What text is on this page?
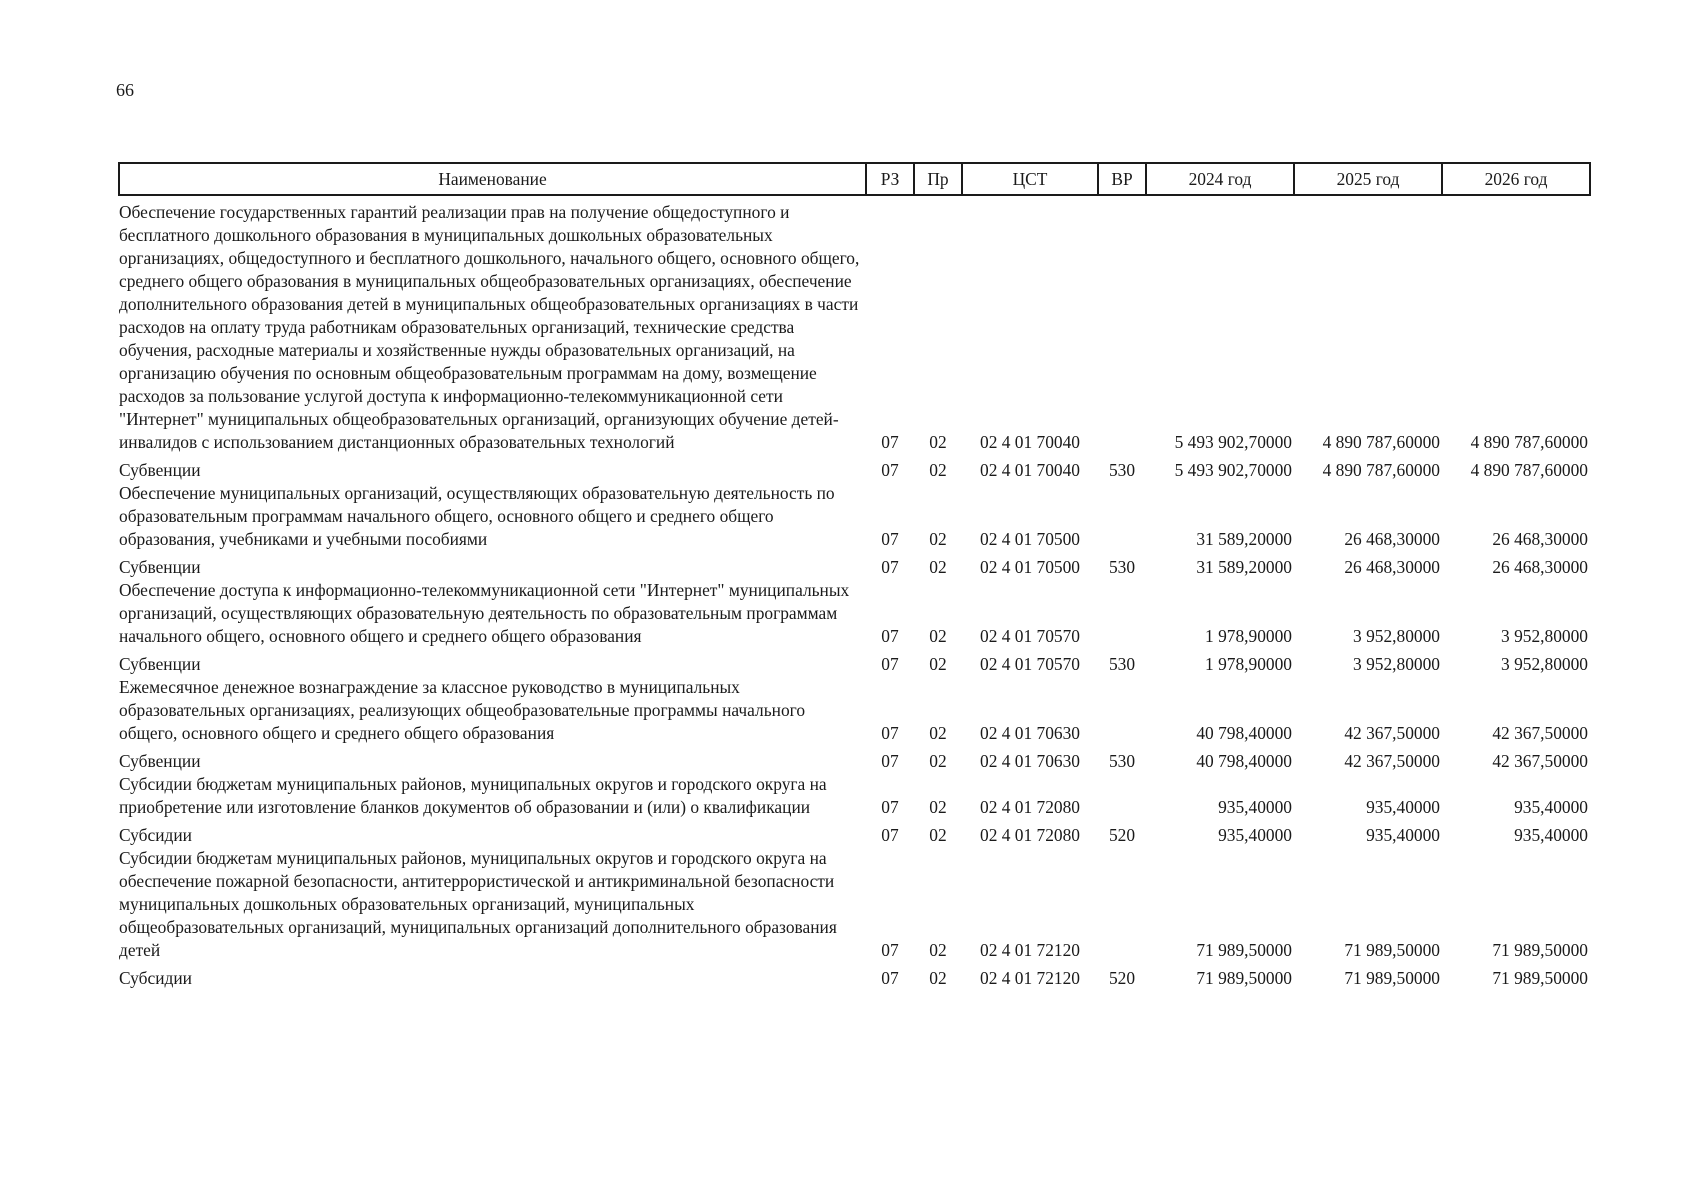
66
Наименование	РЗ	Пр	ЦСТ	ВР	2024 год	2025 год	2026 год
Обеспечение государственных гарантий реализации прав на получение общедоступного и бесплатного дошкольного образования в муниципальных дошкольных образовательных организациях, общедоступного и бесплатного дошкольного, начального общего, основного общего, среднего общего образования в муниципальных общеобразовательных организациях, обеспечение дополнительного образования детей в муниципальных общеобразовательных организациях в части расходов на оплату труда работникам образовательных организаций, технические средства обучения, расходные материалы и хозяйственные нужды образовательных организаций, на организацию обучения по основным общеобразовательным программам на дому, возмещение расходов за пользование услугой доступа к информационно-телекоммуникационной сети "Интернет" муниципальных общеобразовательных организаций, организующих обучение детей-инвалидов с использованием дистанционных образовательных технологий	07	02	02 4 01 70040		5 493 902,70000	4 890 787,60000	4 890 787,60000
Субвенции	07	02	02 4 01 70040	530	5 493 902,70000	4 890 787,60000	4 890 787,60000
Обеспечение муниципальных организаций, осуществляющих образовательную деятельность по образовательным программам начального общего, основного общего и среднего общего образования, учебниками и учебными пособиями	07	02	02 4 01 70500		31 589,20000	26 468,30000	26 468,30000
Субвенции	07	02	02 4 01 70500	530	31 589,20000	26 468,30000	26 468,30000
Обеспечение доступа к информационно-телекоммуникационной сети "Интернет" муниципальных организаций, осуществляющих образовательную деятельность по образовательным программам начального общего, основного общего и среднего общего образования	07	02	02 4 01 70570		1 978,90000	3 952,80000	3 952,80000
Субвенции	07	02	02 4 01 70570	530	1 978,90000	3 952,80000	3 952,80000
Ежемесячное денежное вознаграждение за классное руководство в муниципальных образовательных организациях, реализующих общеобразовательные программы начального общего, основного общего и среднего общего образования	07	02	02 4 01 70630		40 798,40000	42 367,50000	42 367,50000
Субвенции	07	02	02 4 01 70630	530	40 798,40000	42 367,50000	42 367,50000
Субсидии бюджетам муниципальных районов, муниципальных округов и городского округа на приобретение или изготовление бланков документов об образовании и (или) о квалификации	07	02	02 4 01 72080		935,40000	935,40000	935,40000
Субсидии	07	02	02 4 01 72080	520	935,40000	935,40000	935,40000
Субсидии бюджетам муниципальных районов, муниципальных округов и городского округа на обеспечение пожарной безопасности, антитеррористической и антикриминальной безопасности муниципальных дошкольных образовательных организаций, муниципальных общеобразовательных организаций, муниципальных организаций дополнительного образования детей	07	02	02 4 01 72120		71 989,50000	71 989,50000	71 989,50000
Субсидии	07	02	02 4 01 72120	520	71 989,50000	71 989,50000	71 989,50000
